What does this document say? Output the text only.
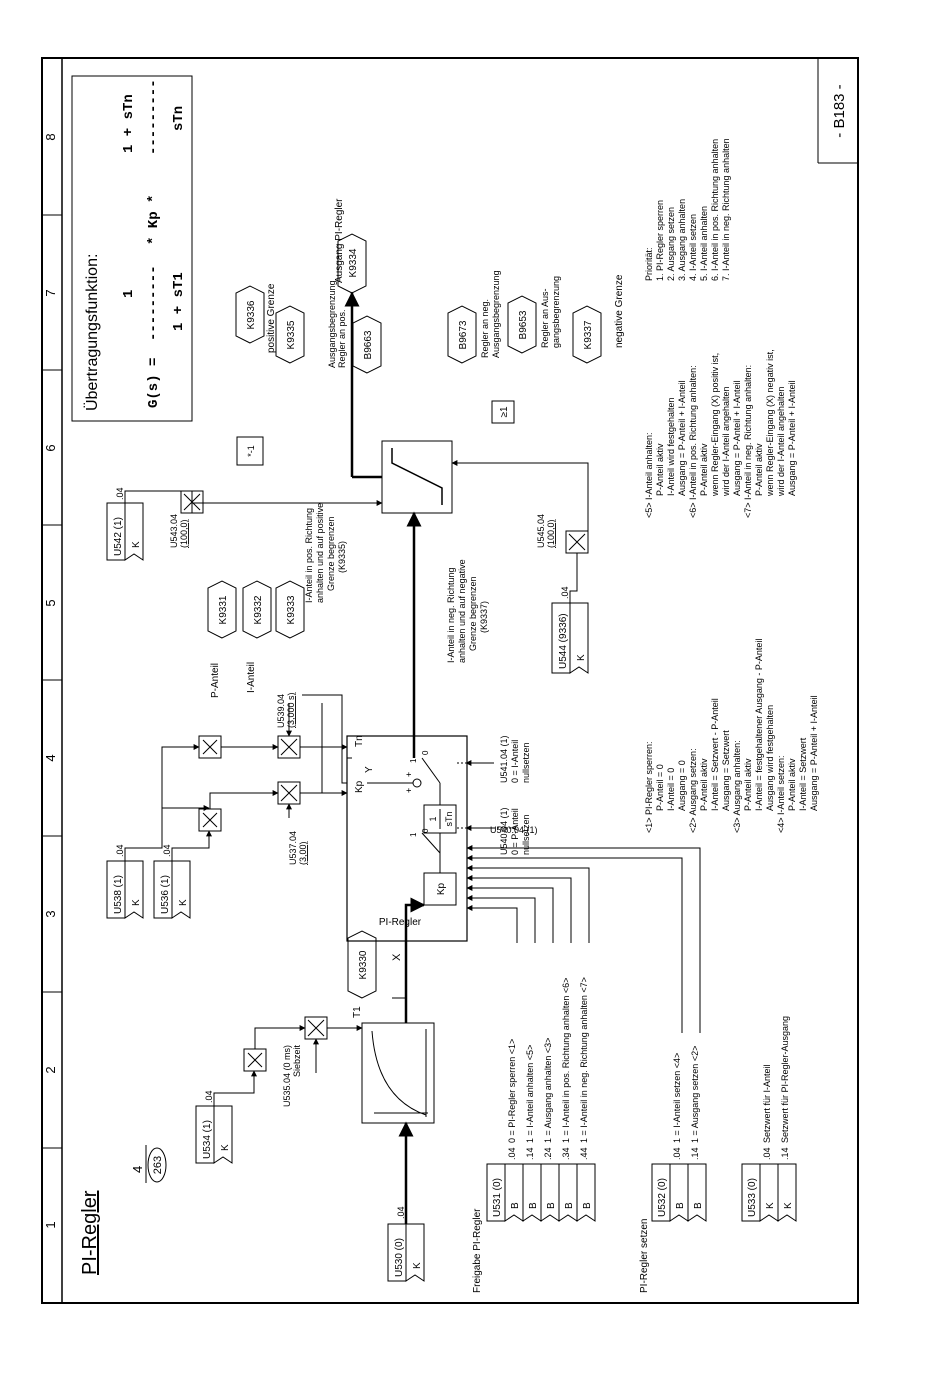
1
2
3
4
5
6
7
8
PI-Regler
4 263
- B183 -
Übertragungsfunktion:	G(s) =
1 --------- 1 + sT1
* Kp *
1 + sTn --------- sTn
U530 (0) K
.04
U534 (1) K
.04
Siebzeit
U535.04 (0 ms)
T1
X
K9330
U536 (1) K
.04
U538 (1) K
.04	U537.04 (3,00)
U539.04 (3,000 s)
PI-Regler
Kp
Kp
Tn
1 sTn
1
0
1
0
+
+
Y
U540.04 (1)
U540.04 (1) 0 = P-Anteil nullsetzen
U541.04 (1) 0 = I-Anteil nullsetzen
Ausgang PI-Regler K9334
U542 (1) K
.04
U543.04 (100,0)
U544 (9336) K
.04
U545.04 (100,0)
*-1
≥1
K9336
K9335
positive Grenze	B9663
Regler an pos.
Ausgangsbegrenzung	B9673 Regler an neg. Ausgangsbegrenzung B9653 Regler an Aus- gangsbegrenzung K9337 negative Grenze
K9331
P-Anteil
K9332
I-Anteil
K9333
I-Anteil in pos. Richtung anhalten und auf positive Grenze begrenzen (K9335)
I-Anteil in neg. Richtung anhalten und auf negative Grenze begrenzen (K9337)
Freigabe PI-Regler
U531 (0) B
.04
0 = PI-Regler sperren <1>
B
.14
1 = I-Anteil anhalten <5>
B
.24
1 = Ausgang anhalten <3>
B
.34
1 = I-Anteil in pos. Richtung anhalten <6>
B
.44
1 = I-Anteil in neg. Richtung anhalten <7>
PI-Regler setzen
U532 (0) B
.04
1 = I-Anteil setzen <4>
B
.14
1 = Ausgang setzen <2>
U533 (0) K
.04
Setzwert für I-Anteil
K
.14
Setzwert für PI-Regler-Ausgang
<1> PI-Regler sperren: P-Anteil = 0 I-Anteil = 0 Ausgang = 0 <2> Ausgang setzen: P-Anteil aktiv I-Anteil = Setzwert - P-Anteil Ausgang = Setzwert <3> Ausgang anhalten: P-Anteil aktiv I-Anteil = festgehaltener Ausgang - P-Anteil Ausgang wird festgehalten <4> I-Anteil setzen: P-Anteil aktiv I-Anteil = Setzwert Ausgang = P-Anteil + I-Anteil
<5> I-Anteil anhalten: P-Anteil aktiv I-Anteil wird festgehalten Ausgang = P-Anteil + I-Anteil <6> I-Anteil in pos. Richtung anhalten: P-Anteil aktiv wenn Regler-Eingang (X) positiv ist, wird der I-Anteil angehalten Ausgang = P-Anteil + I-Anteil <7> I-Anteil in neg. Richtung anhalten: P-Anteil aktiv wenn Regler-Eingang (X) negativ ist, wird der I-Anteil angehalten Ausgang = P-Anteil + I-Anteil
Priorität: 1. PI-Regler sperren 2. Ausgang setzen 3. Ausgang anhalten 4. I-Anteil setzen 5. I-Anteil anhalten 6. I-Anteil in pos. Richtung anhalten 7. I-Anteil in neg. Richtung anhalten
